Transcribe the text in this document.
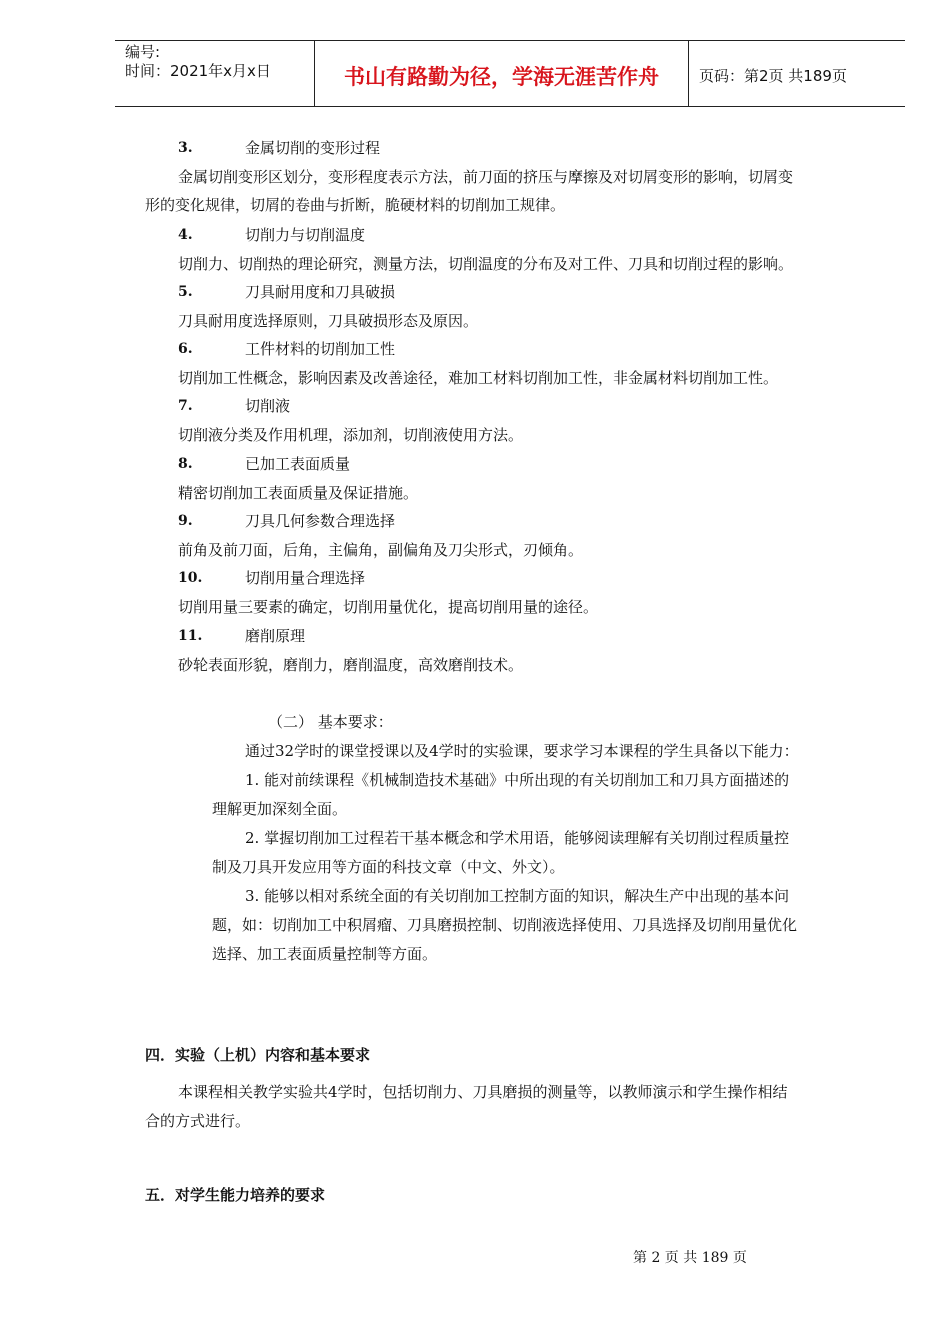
编号:
时间：2021年x月x日	书山有路勤为径，学海无涯苦作舟	页码：第2页 共189页
3.	金属切削的变形过程
金属切削变形区划分，变形程度表示方法，前刀面的挤压与摩擦及对切屑变形的影响，切屑变
形的变化规律，切屑的卷曲与折断，脆硬材料的切削加工规律。
4.	切削力与切削温度
切削力、切削热的理论研究，测量方法，切削温度的分布及对工件、刀具和切削过程的影响。
5.	刀具耐用度和刀具破损
刀具耐用度选择原则，刀具破损形态及原因。
6.	工件材料的切削加工性
切削加工性概念，影响因素及改善途径，难加工材料切削加工性，非金属材料切削加工性。
7.	切削液
切削液分类及作用机理，添加剂，切削液使用方法。
8.	已加工表面质量
精密切削加工表面质量及保证措施。
9.	刀具几何参数合理选择
前角及前刀面，后角，主偏角，副偏角及刀尖形式，刃倾角。
10.	切削用量合理选择
切削用量三要素的确定，切削用量优化，提高切削用量的途径。
11.	磨削原理
砂轮表面形貌，磨削力，磨削温度，高效磨削技术。
（二） 基本要求：
通过32学时的课堂授课以及4学时的实验课，要求学习本课程的学生具备以下能力：
1. 能对前续课程《机械制造技术基础》中所出现的有关切削加工和刀具方面描述的
理解更加深刻全面。
2. 掌握切削加工过程若干基本概念和学术用语，能够阅读理解有关切削过程质量控
制及刀具开发应用等方面的科技文章（中文、外文）。
3. 能够以相对系统全面的有关切削加工控制方面的知识，解决生产中出现的基本问
题，如：切削加工中积屑瘤、刀具磨损控制、切削液选择使用、刀具选择及切削用量优化
选择、加工表面质量控制等方面。
四．实验（上机）内容和基本要求
本课程相关教学实验共4学时，包括切削力、刀具磨损的测量等，以教师演示和学生操作相结
合的方式进行。
五．对学生能力培养的要求
第 2 页 共 189 页
